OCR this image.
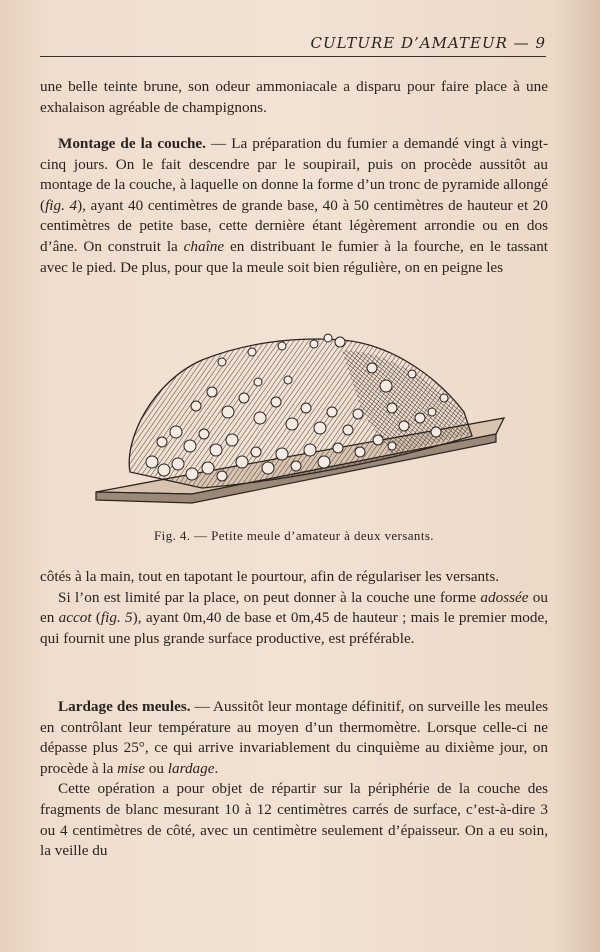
CULTURE D’AMATEUR — 9

une belle teinte brune, son odeur ammoniacale a disparu pour faire place à une exhalaison agréable de champignons.

Montage de la couche. — La préparation du fumier a demandé vingt à vingt-cinq jours. On le fait descendre par le soupirail, puis on procède aussitôt au montage de la couche, à laquelle on donne la forme d’un tronc de pyramide allongé (fig. 4), ayant 40 centimètres de grande base, 40 à 50 centimètres de hauteur et 20 centimètres de petite base, cette dernière étant légèrement arrondie ou en dos d’âne. On construit la chaîne en distribuant le fumier à la fourche, en le tassant avec le pied. De plus, pour que la meule soit bien régulière, on en peigne les

Fig. 4. — Petite meule d’amateur à deux versants.

côtés à la main, tout en tapotant le pourtour, afin de régulariser les versants.

Si l’on est limité par la place, on peut donner à la couche une forme adossée ou en accot (fig. 5), ayant 0m,40 de base et 0m,45 de hauteur ; mais le premier mode, qui fournit une plus grande surface productive, est préférable.

Lardage des meules. — Aussitôt leur montage définitif, on surveille les meules en contrôlant leur température au moyen d’un thermomètre. Lorsque celle-ci ne dépasse plus 25°, ce qui arrive invariablement du cinquième au dixième jour, on procède à la mise ou lardage.

Cette opération a pour objet de répartir sur la périphérie de la couche des fragments de blanc mesurant 10 à 12 centimètres carrés de surface, c’est-à-dire 3 ou 4 centimètres de côté, avec un centimètre seulement d’épaisseur. On a eu soin, la veille du
